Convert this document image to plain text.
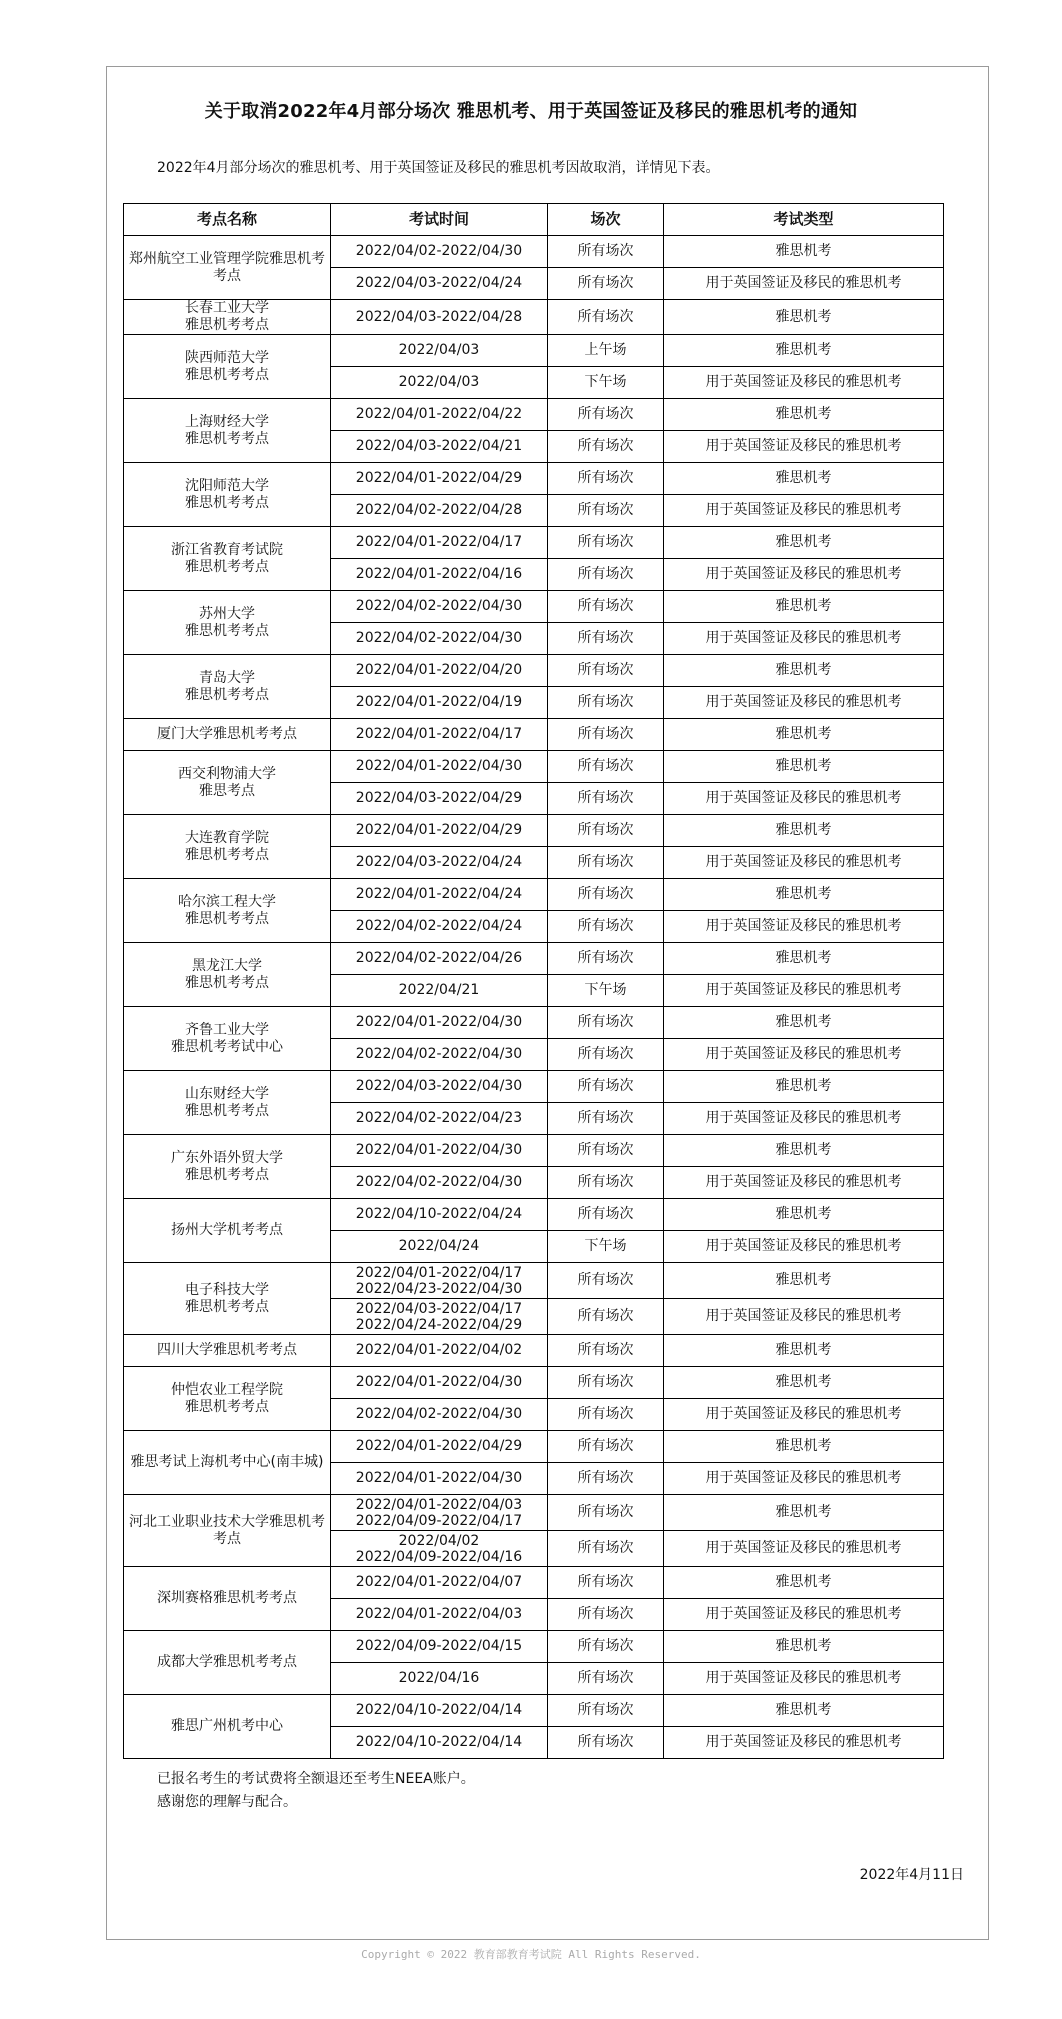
关于取消2022年4月部分场次 雅思机考、用于英国签证及移民的雅思机考的通知
2022年4月部分场次的雅思机考、用于英国签证及移民的雅思机考因故取消，详情见下表。
考点名称	考试时间	场次	考试类型
郑州航空工业管理学院雅思机考考点	2022/04/02-2022/04/30	所有场次	雅思机考
	2022/04/03-2022/04/24	所有场次	用于英国签证及移民的雅思机考
长春工业大学
雅思机考考点	2022/04/03-2022/04/28	所有场次	雅思机考
陕西师范大学
雅思机考考点	2022/04/03	上午场	雅思机考
	2022/04/03	下午场	用于英国签证及移民的雅思机考
上海财经大学
雅思机考考点	2022/04/01-2022/04/22	所有场次	雅思机考
	2022/04/03-2022/04/21	所有场次	用于英国签证及移民的雅思机考
沈阳师范大学
雅思机考考点	2022/04/01-2022/04/29	所有场次	雅思机考
	2022/04/02-2022/04/28	所有场次	用于英国签证及移民的雅思机考
浙江省教育考试院
雅思机考考点	2022/04/01-2022/04/17	所有场次	雅思机考
	2022/04/01-2022/04/16	所有场次	用于英国签证及移民的雅思机考
苏州大学
雅思机考考点	2022/04/02-2022/04/30	所有场次	雅思机考
	2022/04/02-2022/04/30	所有场次	用于英国签证及移民的雅思机考
青岛大学
雅思机考考点	2022/04/01-2022/04/20	所有场次	雅思机考
	2022/04/01-2022/04/19	所有场次	用于英国签证及移民的雅思机考
厦门大学雅思机考考点	2022/04/01-2022/04/17	所有场次	雅思机考
西交利物浦大学
雅思考点	2022/04/01-2022/04/30	所有场次	雅思机考
	2022/04/03-2022/04/29	所有场次	用于英国签证及移民的雅思机考
大连教育学院
雅思机考考点	2022/04/01-2022/04/29	所有场次	雅思机考
	2022/04/03-2022/04/24	所有场次	用于英国签证及移民的雅思机考
哈尔滨工程大学
雅思机考考点	2022/04/01-2022/04/24	所有场次	雅思机考
	2022/04/02-2022/04/24	所有场次	用于英国签证及移民的雅思机考
黑龙江大学
雅思机考考点	2022/04/02-2022/04/26	所有场次	雅思机考
	2022/04/21	下午场	用于英国签证及移民的雅思机考
齐鲁工业大学
雅思机考考试中心	2022/04/01-2022/04/30	所有场次	雅思机考
	2022/04/02-2022/04/30	所有场次	用于英国签证及移民的雅思机考
山东财经大学
雅思机考考点	2022/04/03-2022/04/30	所有场次	雅思机考
	2022/04/02-2022/04/23	所有场次	用于英国签证及移民的雅思机考
广东外语外贸大学
雅思机考考点	2022/04/01-2022/04/30	所有场次	雅思机考
	2022/04/02-2022/04/30	所有场次	用于英国签证及移民的雅思机考
扬州大学机考考点	2022/04/10-2022/04/24	所有场次	雅思机考
	2022/04/24	下午场	用于英国签证及移民的雅思机考
电子科技大学
雅思机考考点	2022/04/01-2022/04/17
2022/04/23-2022/04/30	所有场次	雅思机考
	2022/04/03-2022/04/17
2022/04/24-2022/04/29	所有场次	用于英国签证及移民的雅思机考
四川大学雅思机考考点	2022/04/01-2022/04/02	所有场次	雅思机考
仲恺农业工程学院
雅思机考考点	2022/04/01-2022/04/30	所有场次	雅思机考
	2022/04/02-2022/04/30	所有场次	用于英国签证及移民的雅思机考
雅思考试上海机考中心(南丰城)	2022/04/01-2022/04/29	所有场次	雅思机考
	2022/04/01-2022/04/30	所有场次	用于英国签证及移民的雅思机考
河北工业职业技术大学雅思机考考点	2022/04/01-2022/04/03
2022/04/09-2022/04/17	所有场次	雅思机考
	2022/04/02
2022/04/09-2022/04/16	所有场次	用于英国签证及移民的雅思机考
深圳赛格雅思机考考点	2022/04/01-2022/04/07	所有场次	雅思机考
	2022/04/01-2022/04/03	所有场次	用于英国签证及移民的雅思机考
成都大学雅思机考考点	2022/04/09-2022/04/15	所有场次	雅思机考
	2022/04/16	所有场次	用于英国签证及移民的雅思机考
雅思广州机考中心	2022/04/10-2022/04/14	所有场次	雅思机考
	2022/04/10-2022/04/14	所有场次	用于英国签证及移民的雅思机考

已报名考生的考试费将全额退还至考生NEEA账户。

感谢您的理解与配合。

2022年4月11日
Copyright © 2022 教育部教育考试院 All Rights Reserved.
